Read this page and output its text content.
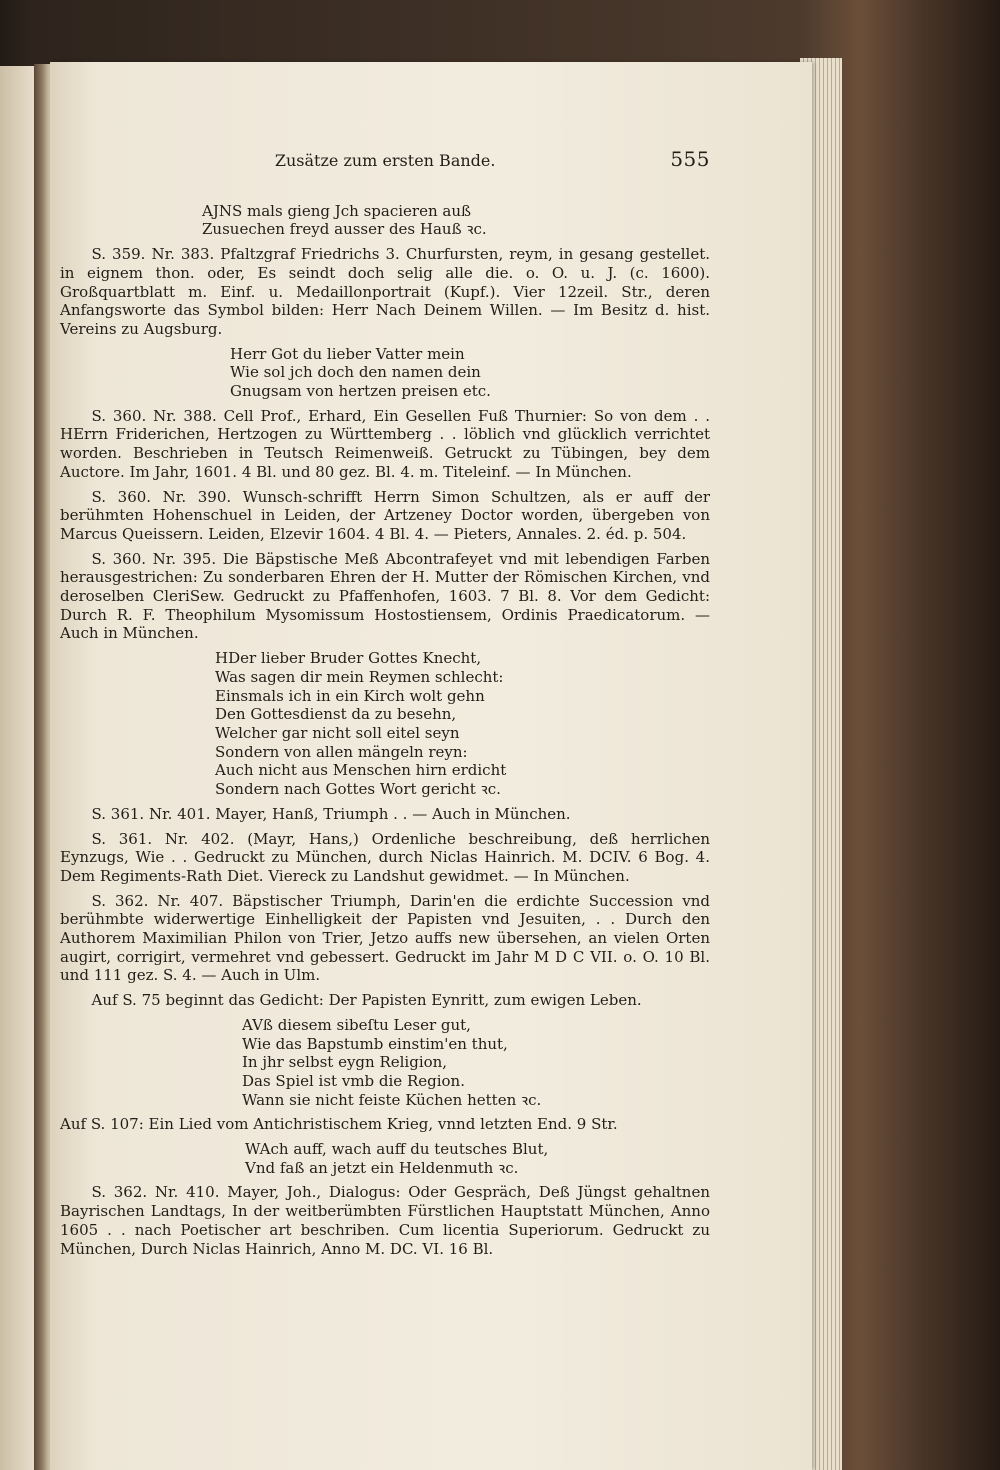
Zusätze zum ersten Bande.	555
AJNS mals gieng Jch spacieren auß
Zusuechen freyd ausser des Hauß ꝛc.

S. 359. Nr. 383. Pfaltzgraf Friedrichs 3. Churfursten, reym, in gesang gestellet. in eignem thon. oder, Es seindt doch selig alle die. o. O. u. J. (c. 1600). Großquartblatt m. Einf. u. Medaillonportrait (Kupf.). Vier 12zeil. Str., deren Anfangsworte das Symbol bilden: Herr Nach Deinem Willen. — Im Besitz d. hist. Vereins zu Augsburg.

Herr Got du lieber Vatter mein
Wie sol jch doch den namen dein
Gnugsam von hertzen preisen etc.

S. 360. Nr. 388. Cell Prof., Erhard, Ein Gesellen Fuß Thurnier: So von dem . . HErrn Friderichen, Hertzogen zu Württemberg . . löblich vnd glücklich verrichtet worden. Beschrieben in Teutsch Reimenweiß. Getruckt zu Tübingen, bey dem Auctore. Im Jahr, 1601. 4 Bl. und 80 gez. Bl. 4. m. Titeleinf. — In München.

S. 360. Nr. 390. Wunsch-schrifft Herrn Simon Schultzen, als er auff der berühmten Hohenschuel in Leiden, der Artzeney Doctor worden, übergeben von Marcus Queissern. Leiden, Elzevir 1604. 4 Bl. 4. — Pieters, Annales. 2. éd. p. 504.

S. 360. Nr. 395. Die Bäpstische Meß Abcontrafeyet vnd mit lebendigen Farben herausgestrichen: Zu sonderbaren Ehren der H. Mutter der Römischen Kirchen, vnd deroselben CleriSew. Gedruckt zu Pfaffenhofen, 1603. 7 Bl. 8. Vor dem Gedicht: Durch R. F. Theophilum Mysomissum Hostostiensem, Ordinis Praedicatorum. — Auch in München.

HDer lieber Bruder Gottes Knecht,
Was sagen dir mein Reymen schlecht:
Einsmals ich in ein Kirch wolt gehn
Den Gottesdienst da zu besehn,
Welcher gar nicht soll eitel seyn
Sondern von allen mängeln reyn:
Auch nicht aus Menschen hirn erdicht
Sondern nach Gottes Wort gericht ꝛc.

S. 361. Nr. 401. Mayer, Hanß, Triumph . . — Auch in München.

S. 361. Nr. 402. (Mayr, Hans,) Ordenliche beschreibung, deß herrlichen Eynzugs, Wie . . Gedruckt zu München, durch Niclas Hainrich. M. DCIV. 6 Bog. 4. Dem Regiments-Rath Diet. Viereck zu Landshut gewidmet. — In München.

S. 362. Nr. 407. Bäpstischer Triumph, Darin'en die erdichte Succession vnd berühmbte widerwertige Einhelligkeit der Papisten vnd Jesuiten, . . Durch den Authorem Maximilian Philon von Trier, Jetzo auffs new übersehen, an vielen Orten augirt, corrigirt, vermehret vnd gebessert. Gedruckt im Jahr M D C VII. o. O. 10 Bl. und 111 gez. S. 4. — Auch in Ulm.

Auf S. 75 beginnt das Gedicht: Der Papisten Eynritt, zum ewigen Leben.

AVß diesem sibeſtu Leser gut,
Wie das Bapstumb einstim'en thut,
In jhr selbst eygn Religion,
Das Spiel ist vmb die Region.
Wann sie nicht feiste Küchen hetten ꝛc.

Auf S. 107: Ein Lied vom Antichristischem Krieg, vnnd letzten End. 9 Str.

WAch auff, wach auff du teutsches Blut,
Vnd faß an jetzt ein Heldenmuth ꝛc.

S. 362. Nr. 410. Mayer, Joh., Dialogus: Oder Gespräch, Deß Jüngst gehaltnen Bayrischen Landtags, In der weitberümbten Fürstlichen Hauptstatt München, Anno 1605 . . nach Poetischer art beschriben. Cum licentia Superiorum. Gedruckt zu München, Durch Niclas Hainrich, Anno M. DC. VI. 16 Bl.
